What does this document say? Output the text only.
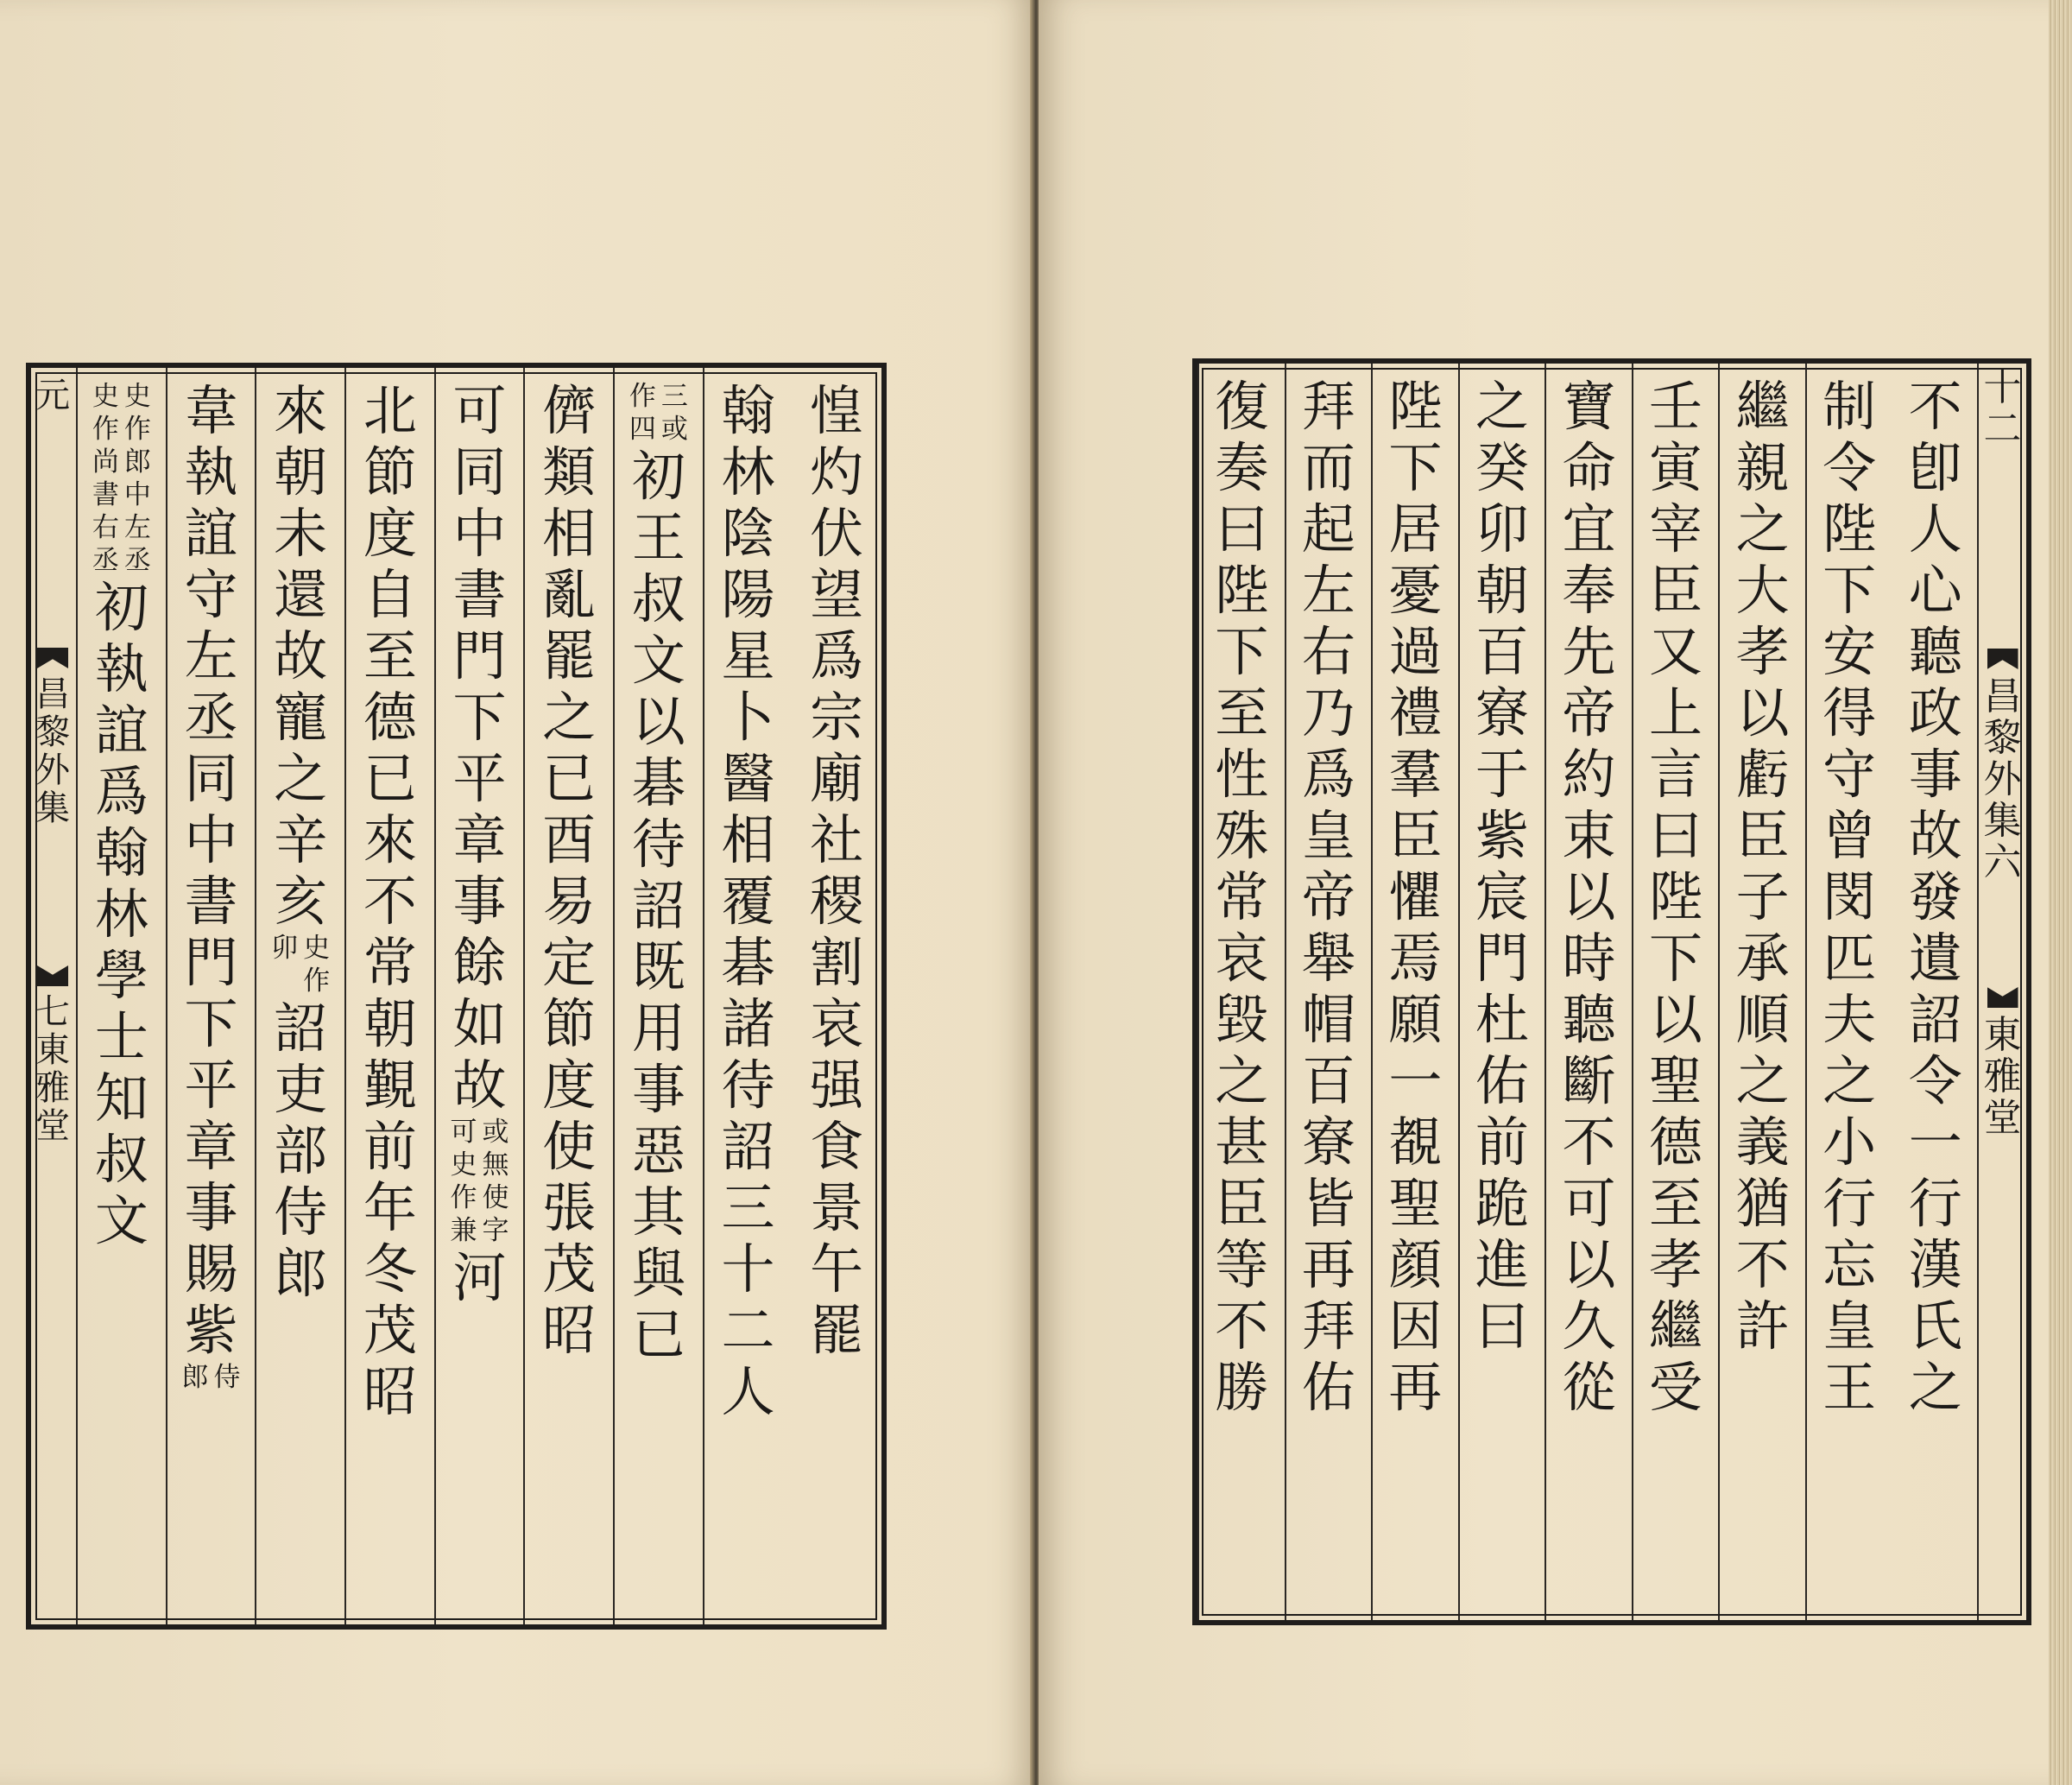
元
昌
黎
外
集
七
東
雅
堂
惶
灼
伏
望
爲
宗
廟
社
稷
割
哀
强
食
景
午
罷
翰
林
陰
陽
星
卜
醫
相
覆
碁
諸
待
詔
三
十
二
人
三
或
作
四
初
王
叔
文
以
碁
待
詔
既
用
事
惡
其
與
已
儕
類
相
亂
罷
之
已
酉
易
定
節
度
使
張
茂
昭
可
同
中
書
門
下
平
章
事
餘
如
故
或
無
使
字
可
史
作
兼
河
北
節
度
自
至
德
已
來
不
常
朝
覲
前
年
冬
茂
昭
來
朝
未
還
故
寵
之
辛
亥
史
作
卯
詔
吏
部
侍
郎
韋
執
誼
守
左
丞
同
中
書
門
下
平
章
事
賜
紫
侍
郎
史
作
郎
中
左
丞
史
作
尚
書
右
丞
初
執
誼
爲
翰
林
學
士
知
叔
文
不
卽
人
心
聽
政
事
故
發
遺
詔
令
一
行
漢
氏
之
制
令
陛
下
安
得
守
曾
閔
匹
夫
之
小
行
忘
皇
王
繼
親
之
大
孝
以
虧
臣
子
承
順
之
義
猶
不
許
壬
寅
宰
臣
又
上
言
曰
陛
下
以
聖
德
至
孝
繼
受
寶
命
宜
奉
先
帝
約
束
以
時
聽
斷
不
可
以
久
從
之
癸
卯
朝
百
寮
于
紫
宸
門
杜
佑
前
跪
進
曰
陛
下
居
憂
過
禮
羣
臣
懼
焉
願
一
覩
聖
顔
因
再
拜
而
起
左
右
乃
爲
皇
帝
舉
帽
百
寮
皆
再
拜
佑
復
奏
曰
陛
下
至
性
殊
常
哀
毀
之
甚
臣
等
不
勝
十
二
昌
黎
外
集
六
東
雅
堂
